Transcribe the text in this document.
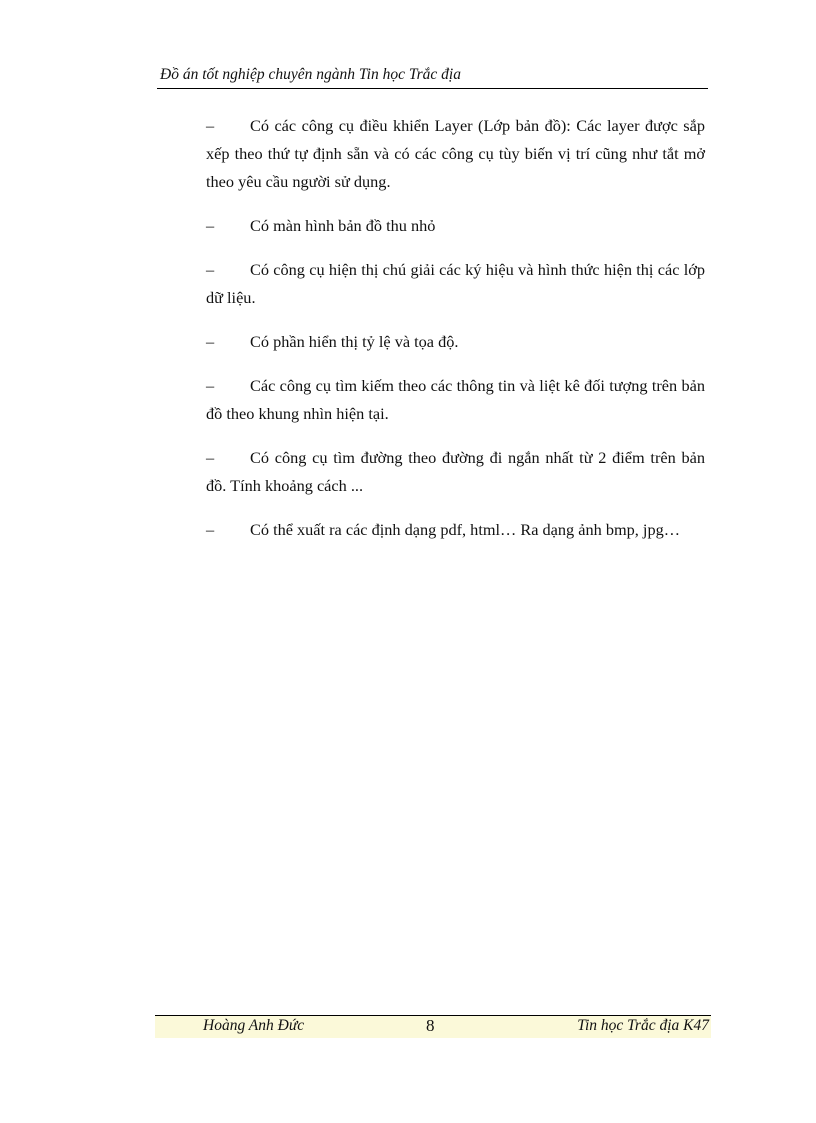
Đồ án tốt nghiệp chuyên ngành Tin học Trắc địa

– Có các công cụ điều khiển Layer (Lớp bản đồ): Các layer được sắp xếp theo thứ tự định sẵn và có các công cụ tùy biến vị trí cũng như tắt mở theo yêu cầu người sử dụng.

– Có màn hình bản đồ thu nhỏ

– Có công cụ hiện thị chú giải các ký hiệu và hình thức hiện thị các lớp dữ liệu.

– Có phần hiển thị tỷ lệ và tọa độ.

– Các công cụ tìm kiếm theo các thông tin và liệt kê đối tượng trên bản đồ theo khung nhìn hiện tại.

– Có công cụ tìm đường theo đường đi ngắn nhất từ 2 điểm trên bản đồ. Tính khoảng cách ...

– Có thể xuất ra các định dạng pdf, html… Ra dạng ảnh bmp, jpg…

Hoàng Anh Đức	8	Tin học Trắc địa K47
